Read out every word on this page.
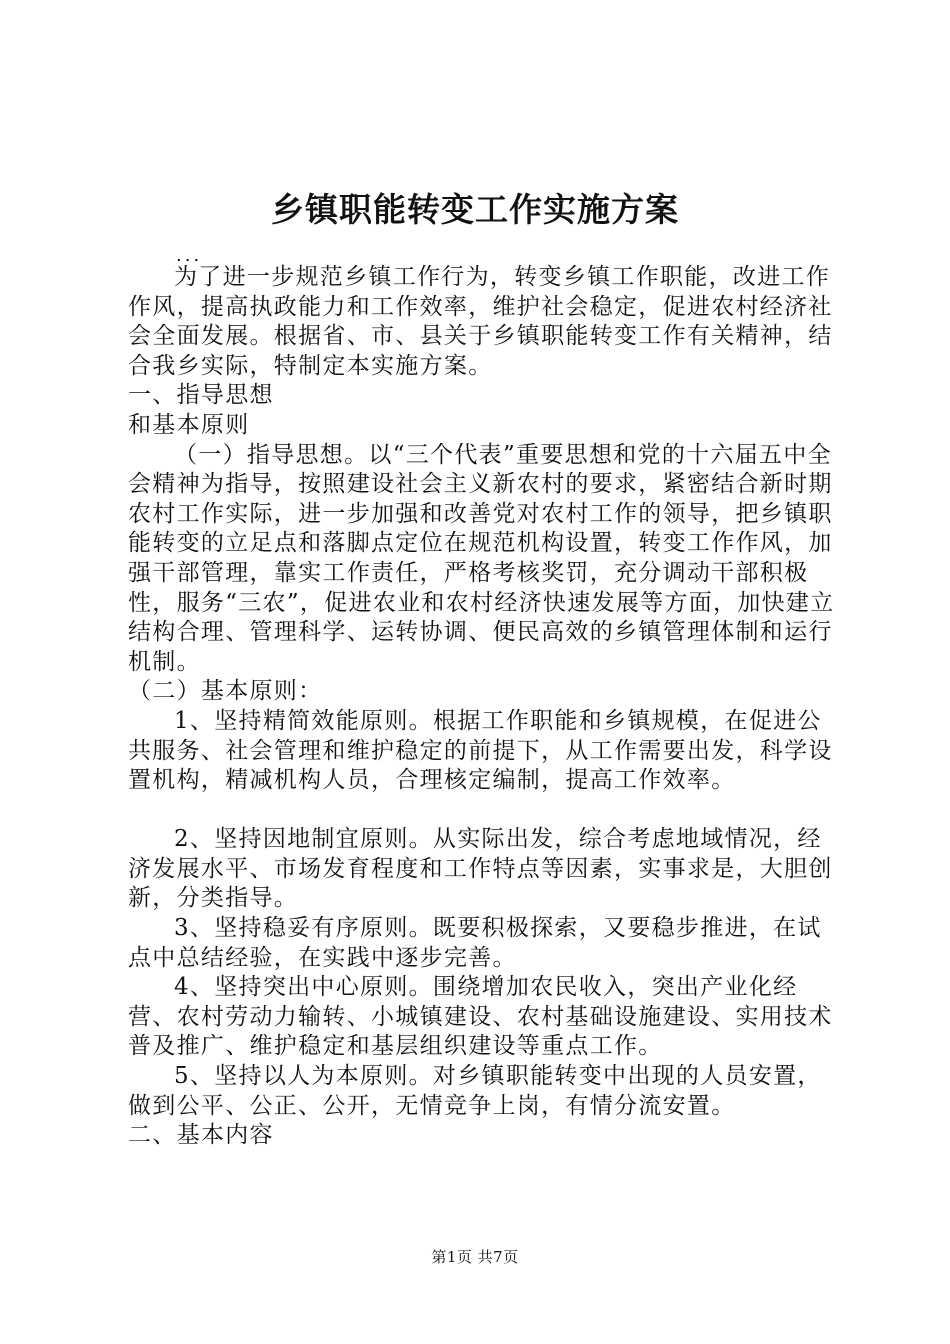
乡镇职能转变工作实施方案
...

为了进一步规范乡镇工作行为，转变乡镇工作职能，改进工作作风，提高执政能力和工作效率，维护社会稳定，促进农村经济社会全面发展。根据省、市、县关于乡镇职能转变工作有关精神，结合我乡实际，特制定本实施方案。

一、指导思想

和基本原则

（一）指导思想。以“三个代表”重要思想和党的十六届五中全会精神为指导，按照建设社会主义新农村的要求，紧密结合新时期农村工作实际，进一步加强和改善党对农村工作的领导，把乡镇职能转变的立足点和落脚点定位在规范机构设置，转变工作作风，加强干部管理，靠实工作责任，严格考核奖罚，充分调动干部积极性，服务“三农”，促进农业和农村经济快速发展等方面，加快建立结构合理、管理科学、运转协调、便民高效的乡镇管理体制和运行机制。

（二）基本原则：

1、坚持精简效能原则。根据工作职能和乡镇规模，在促进公共服务、社会管理和维护稳定的前提下，从工作需要出发，科学设置机构，精减机构人员，合理核定编制，提高工作效率。

2、坚持因地制宜原则。从实际出发，综合考虑地域情况，经济发展水平、市场发育程度和工作特点等因素，实事求是，大胆创新，分类指导。

3、坚持稳妥有序原则。既要积极探索，又要稳步推进，在试点中总结经验，在实践中逐步完善。

4、坚持突出中心原则。围绕增加农民收入，突出产业化经营、农村劳动力输转、小城镇建设、农村基础设施建设、实用技术普及推广、维护稳定和基层组织建设等重点工作。

5、坚持以人为本原则。对乡镇职能转变中出现的人员安置，做到公平、公正、公开，无情竞争上岗，有情分流安置。

二、基本内容

第1页 共7页
